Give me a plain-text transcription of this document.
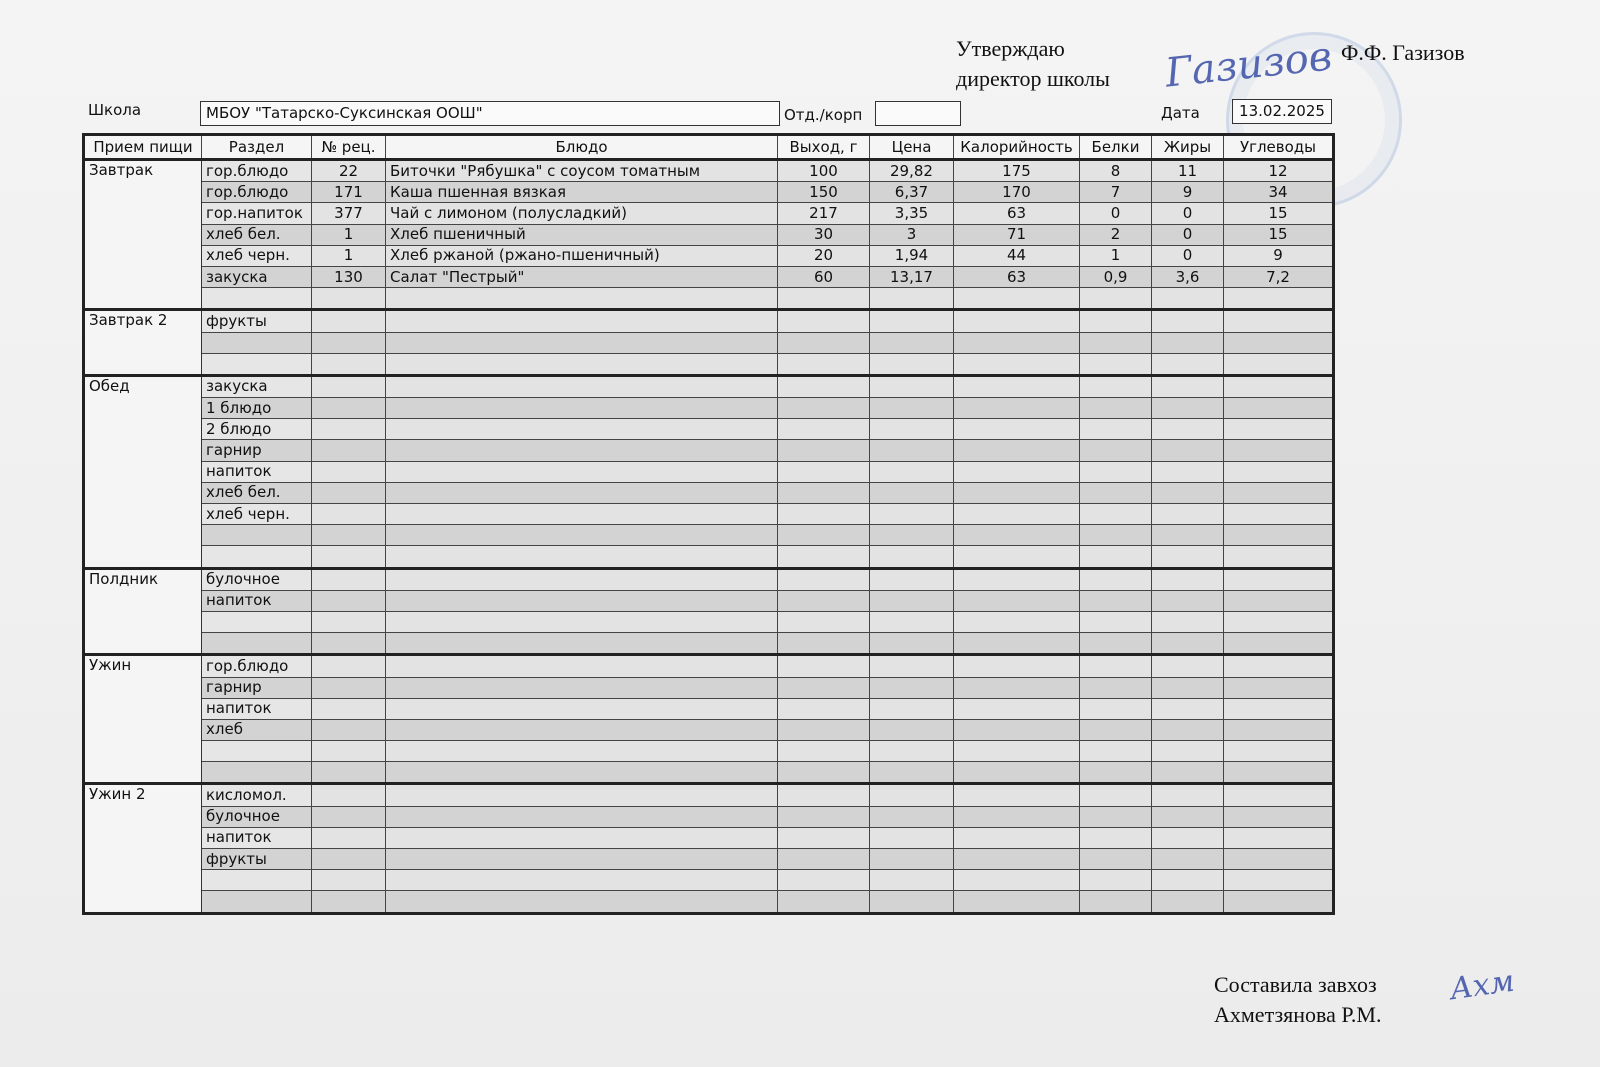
Утверждаю
директор школы Газизов Ф.Ф. Газизов
Школа	МБОУ "Татарско-Суксинская ООШ"	Отд./корп	Дата	13.02.2025
Прием пищи	Раздел	№ рец.	Блюдо	Выход, г	Цена	Калорийность	Белки	Жиры	Углеводы
Завтрак	гор.блюдо	22	Биточки "Рябушка" с соусом томатным	100	29,82	175	8	11	12
	гор.блюдо	171	Каша пшенная вязкая	150	6,37	170	7	9	34
	гор.напиток	377	Чай с лимоном (полусладкий)	217	3,35	63	0	0	15
	хлеб бел.	1	Хлеб пшеничный	30	3	71	2	0	15
	хлеб черн.	1	Хлеб ржаной (ржано-пшеничный)	20	1,94	44	1	0	9
	закуска	130	Салат "Пестрый"	60	13,17	63	0,9	3,6	7,2

Завтрак 2	фрукты								

Обед	закуска								
	1 блюдо								
	2 блюдо								
	гарнир								
	напиток								
	хлеб бел.								
	хлеб черн.								

Полдник	булочное								
	напиток								

Ужин	гор.блюдо								
	гарнир								
	напиток								
	хлеб								

Ужин 2	кисломол.								
	булочное								
	напиток								
	фрукты								

Составила завхоз
Ахметзянова Р.М.
Ахм
